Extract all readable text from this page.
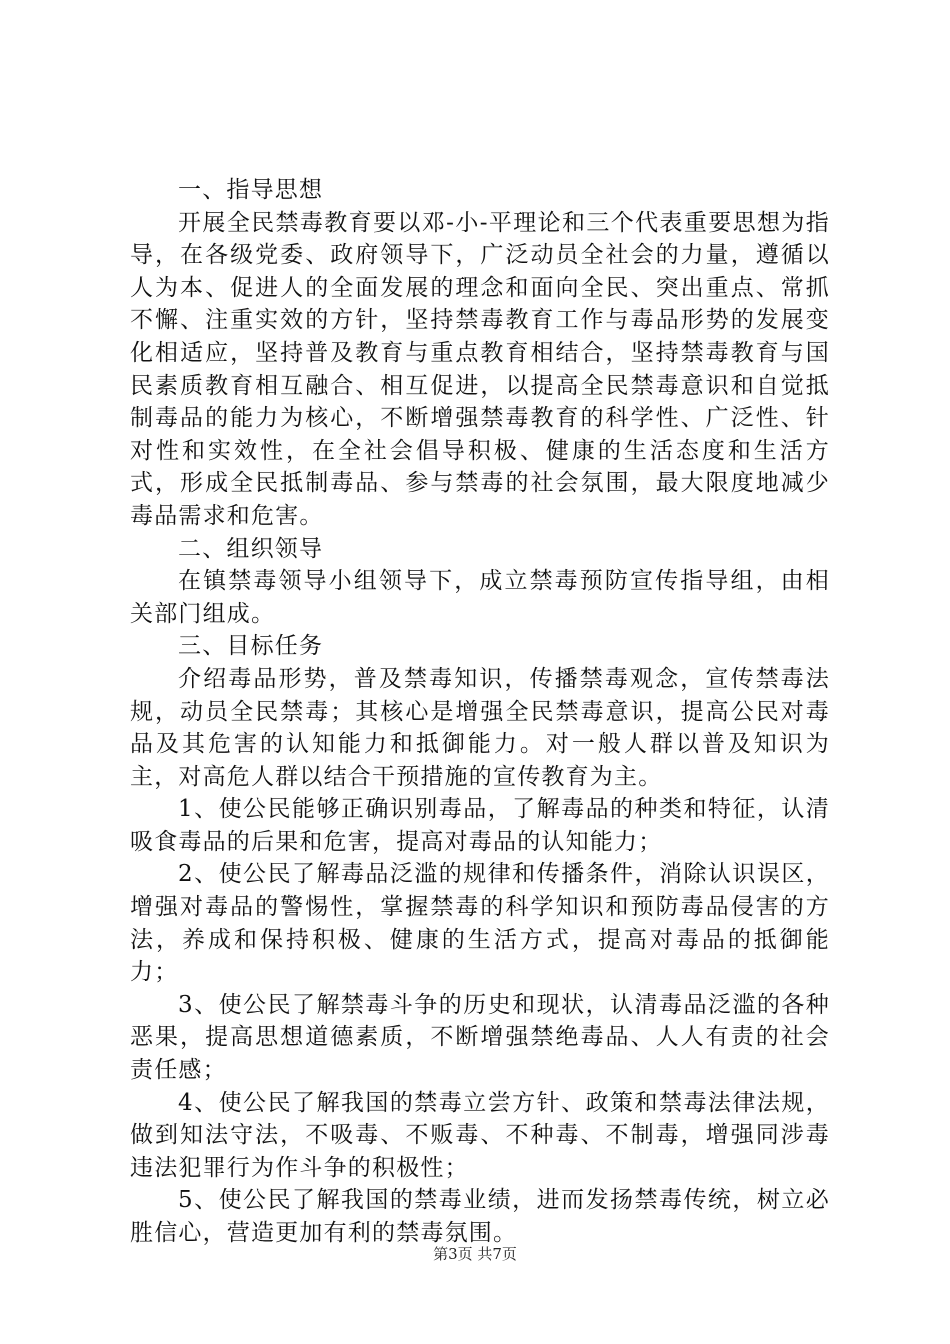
一、指导思想

开展全民禁毒教育要以邓-小-平理论和三个代表重要思想为指导，在各级党委、政府领导下，广泛动员全社会的力量，遵循以人为本、促进人的全面发展的理念和面向全民、突出重点、常抓不懈、注重实效的方针，坚持禁毒教育工作与毒品形势的发展变化相适应，坚持普及教育与重点教育相结合，坚持禁毒教育与国民素质教育相互融合、相互促进，以提高全民禁毒意识和自觉抵制毒品的能力为核心，不断增强禁毒教育的科学性、广泛性、针对性和实效性，在全社会倡导积极、健康的生活态度和生活方式，形成全民抵制毒品、参与禁毒的社会氛围，最大限度地减少毒品需求和危害。

二、组织领导

在镇禁毒领导小组领导下，成立禁毒预防宣传指导组，由相关部门组成。

三、目标任务

介绍毒品形势，普及禁毒知识，传播禁毒观念，宣传禁毒法规，动员全民禁毒；其核心是增强全民禁毒意识，提高公民对毒品及其危害的认知能力和抵御能力。对一般人群以普及知识为主，对高危人群以结合干预措施的宣传教育为主。

1、使公民能够正确识别毒品，了解毒品的种类和特征，认清吸食毒品的后果和危害，提高对毒品的认知能力；

2、使公民了解毒品泛滥的规律和传播条件，消除认识误区，增强对毒品的警惕性，掌握禁毒的科学知识和预防毒品侵害的方法，养成和保持积极、健康的生活方式，提高对毒品的抵御能力；

3、使公民了解禁毒斗争的历史和现状，认清毒品泛滥的各种恶果，提高思想道德素质，不断增强禁绝毒品、人人有责的社会责任感；

4、使公民了解我国的禁毒立尝方针、政策和禁毒法律法规，做到知法守法，不吸毒、不贩毒、不种毒、不制毒，增强同涉毒违法犯罪行为作斗争的积极性；

5、使公民了解我国的禁毒业绩，进而发扬禁毒传统，树立必胜信心，营造更加有利的禁毒氛围。

第3页 共7页
